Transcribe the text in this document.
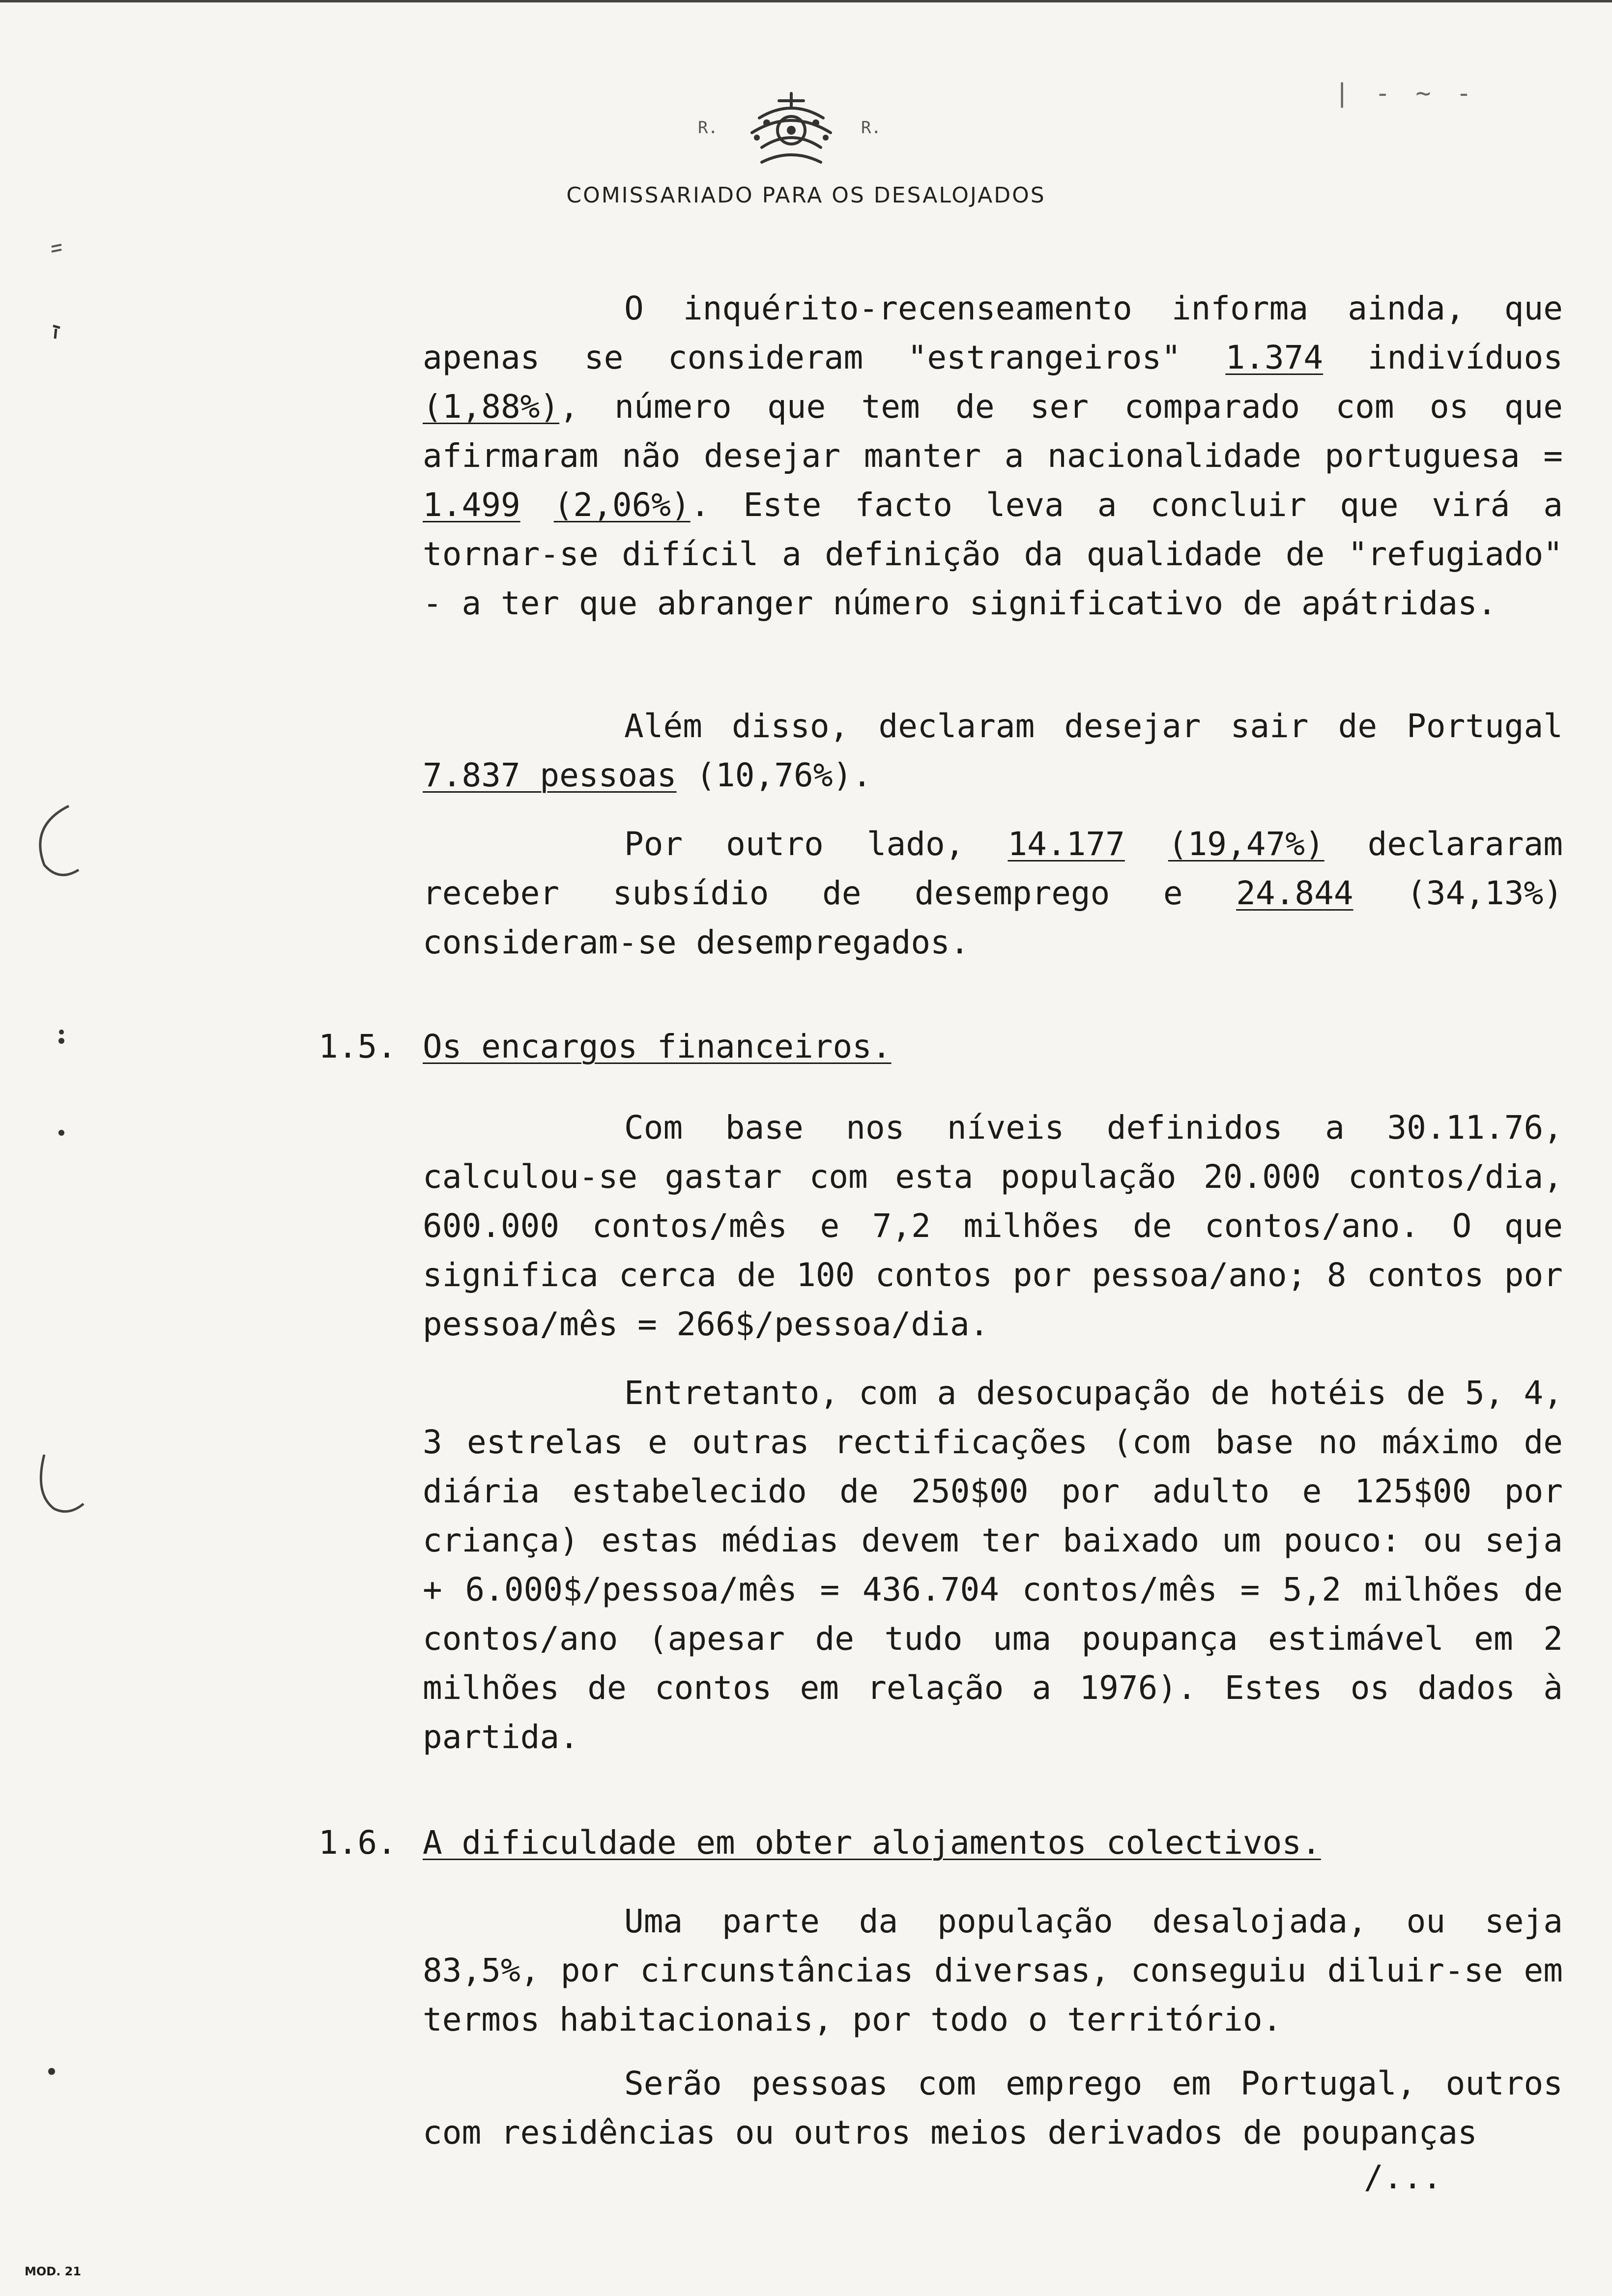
R.	R.
| - ~ -
COMISSARIADO PARA OS DESALOJADOS

O inquérito-recenseamento informa ainda, que apenas se consideram "estrangeiros" 1.374 indivíduos (1,88%), número que tem de ser comparado com os que afirmaram não desejar manter a nacionalidade portuguesa = 1.499 (2,06%). Este facto leva a concluir que virá a tornar-se difícil a definição da qualidade de "refugiado" - a ter que abranger número significativo de apátridas.

Além disso, declaram desejar sair de Portugal 7.837 pessoas (10,76%).

Por outro lado, 14.177 (19,47%) declararam receber subsídio de desemprego e 24.844 (34,13%) consideram-se desempregados.

1.5. Os encargos financeiros.

Com base nos níveis definidos a 30.11.76, calculou-se gastar com esta população 20.000 contos/dia, 600.000 contos/mês e 7,2 milhões de contos/ano. O que significa cerca de 100 contos por pessoa/ano; 8 contos por pessoa/mês = 266$/pessoa/dia.

Entretanto, com a desocupação de hotéis de 5, 4, 3 estrelas e outras rectificações (com base no máximo de diária estabelecido de 250$00 por adulto e 125$00 por criança) estas médias devem ter baixado um pouco: ou seja + 6.000$/pessoa/mês = 436.704 contos/mês = 5,2 milhões de contos/ano (apesar de tudo uma poupança estimável em 2 milhões de contos em relação a 1976). Estes os dados à partida.

1.6. A dificuldade em obter alojamentos colectivos.

Uma parte da população desalojada, ou seja 83,5%, por circunstâncias diversas, conseguiu diluir-se em termos habitacionais, por todo o território.

Serão pessoas com emprego em Portugal, outros com residências ou outros meios derivados de poupanças

/...
MOD. 21
